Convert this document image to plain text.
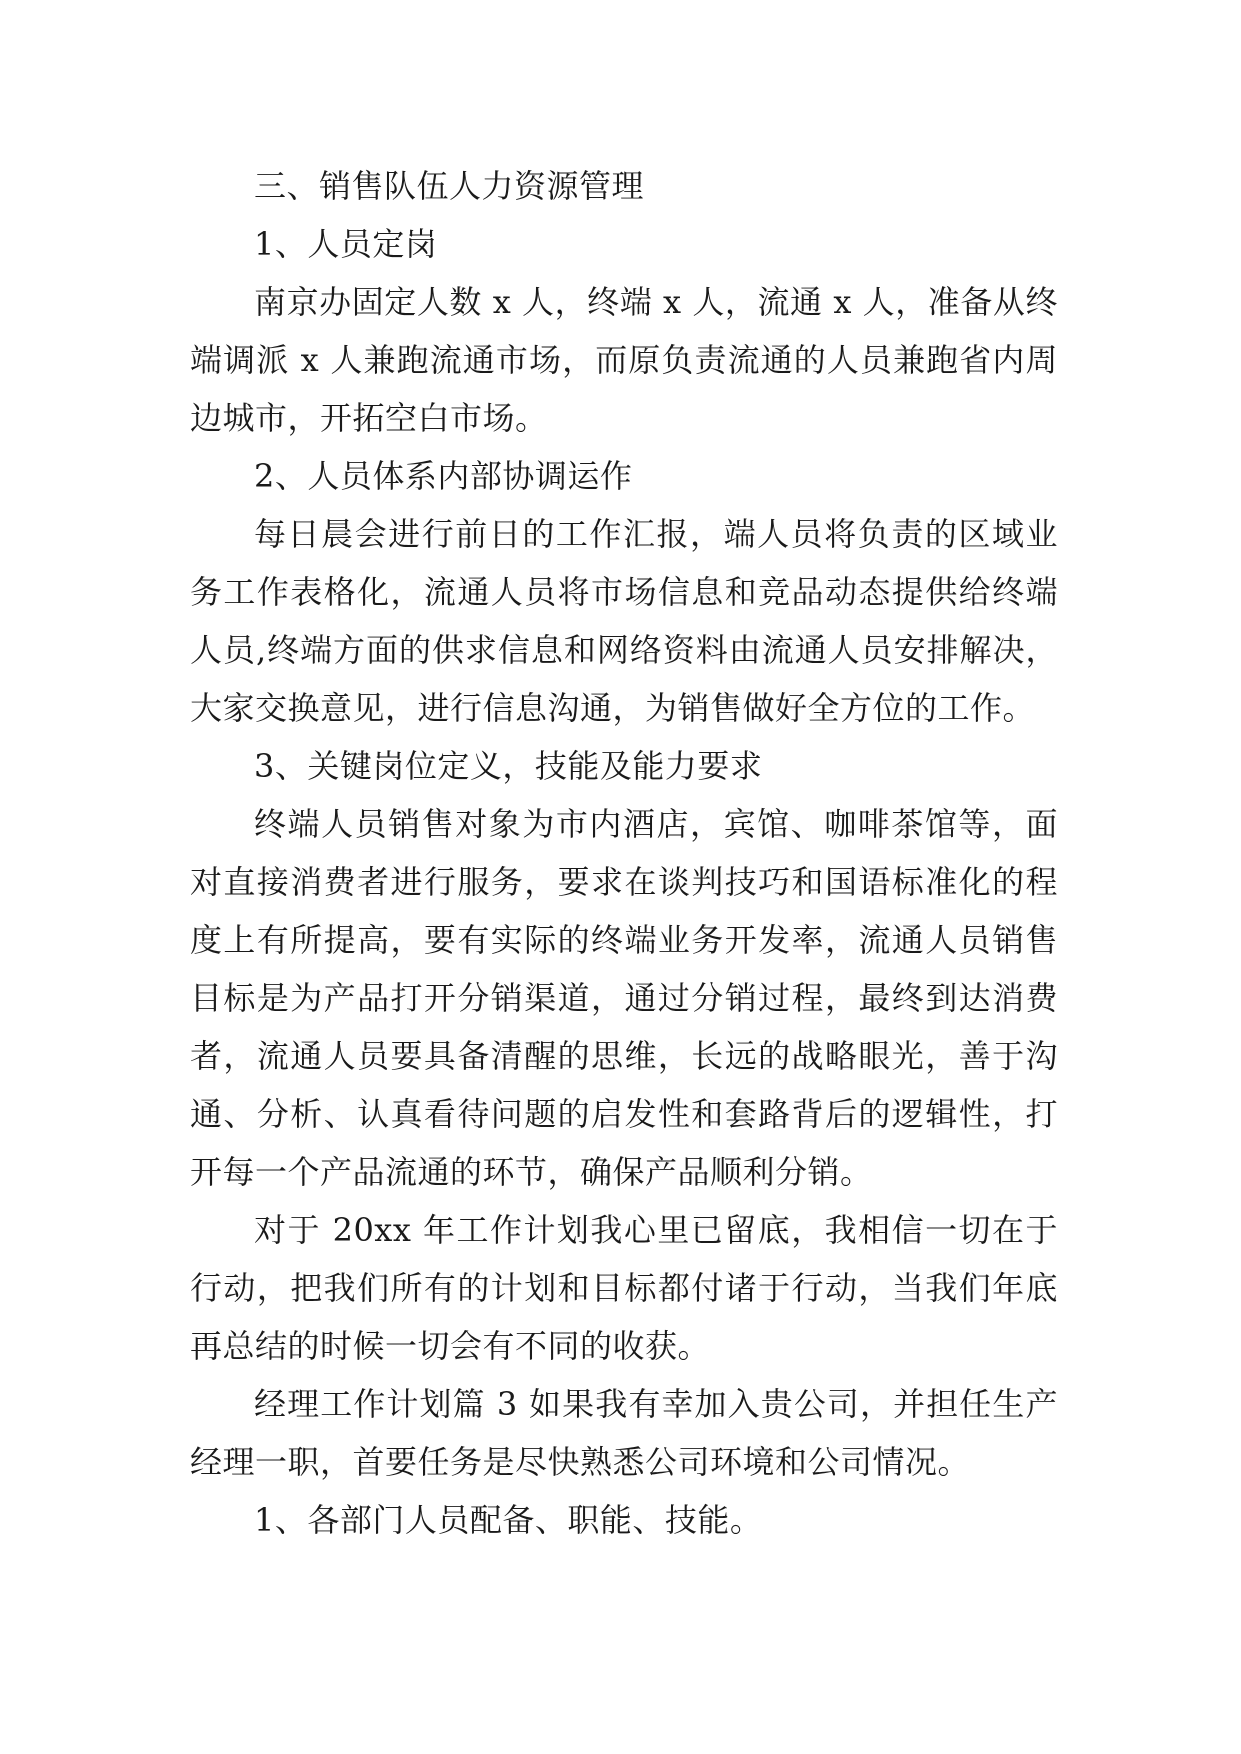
三、销售队伍人力资源管理

1、人员定岗

南京办固定人数 x 人，终端 x 人，流通 x 人，准备从终端调派 x 人兼跑流通市场，而原负责流通的人员兼跑省内周边城市，开拓空白市场。

2、人员体系内部协调运作

每日晨会进行前日的工作汇报，端人员将负责的区域业务工作表格化，流通人员将市场信息和竞品动态提供给终端人员,终端方面的供求信息和网络资料由流通人员安排解决，大家交换意见，进行信息沟通，为销售做好全方位的工作。

3、关键岗位定义，技能及能力要求

终端人员销售对象为市内酒店，宾馆、咖啡茶馆等，面对直接消费者进行服务，要求在谈判技巧和国语标准化的程度上有所提高，要有实际的终端业务开发率，流通人员销售目标是为产品打开分销渠道，通过分销过程，最终到达消费者，流通人员要具备清醒的思维，长远的战略眼光，善于沟通、分析、认真看待问题的启发性和套路背后的逻辑性，打开每一个产品流通的环节，确保产品顺利分销。

对于 20xx 年工作计划我心里已留底，我相信一切在于行动，把我们所有的计划和目标都付诸于行动，当我们年底再总结的时候一切会有不同的收获。

经理工作计划篇 3 如果我有幸加入贵公司，并担任生产经理一职，首要任务是尽快熟悉公司环境和公司情况。

1、各部门人员配备、职能、技能。
